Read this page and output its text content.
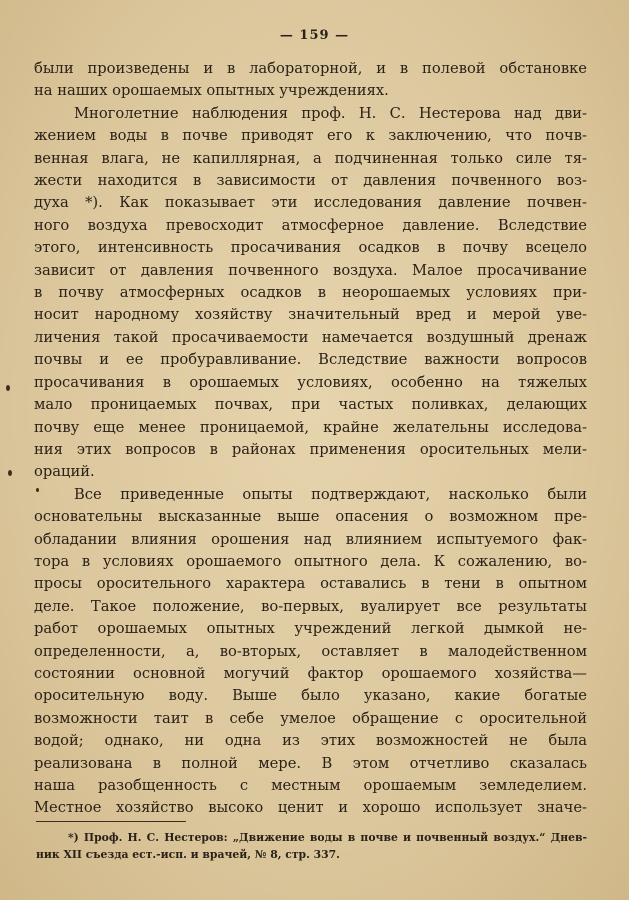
— 159 —

были произведены и в лабораторной, и в полевой обстановке
на наших орошаемых опытных учреждениях.

Многолетние наблюдения проф. Н. С. Нестерова над дви-
жением воды в почве приводят его к заключению, что почв-
венная влага, не капиллярная, а подчиненная только силе тя-
жести находится в зависимости от давления почвенного воз-
духа *). Как показывает эти исследования давление почвен-
ного воздуха превосходит атмосферное давление. Вследствие
этого, интенсивность просачивания осадков в почву всецело
зависит от давления почвенного воздуха. Малое просачивание
в почву атмосферных осадков в неорошаемых условиях при-
носит народному хозяйству значительный вред и мерой уве-
личения такой просачиваемости намечается воздушный дренаж
почвы и ее пробуравливание. Вследствие важности вопросов
просачивания в орошаемых условиях, особенно на тяжелых
мало проницаемых почвах, при частых поливках, делающих
почву еще менее проницаемой, крайне желательны исследова-
ния этих вопросов в районах применения оросительных мели-
ораций.

Все приведенные опыты подтверждают, насколько были
основательны высказанные выше опасения о возможном пре-
обладании влияния орошения над влиянием испытуемого фак-
тора в условиях орошаемого опытного дела. К сожалению, во-
просы оросительного характера оставались в тени в опытном
деле. Такое положение, во-первых, вуалирует все результаты
работ орошаемых опытных учреждений легкой дымкой не-
определенности, а, во-вторых, оставляет в малодейственном
состоянии основной могучий фактор орошаемого хозяйства—
оросительную воду. Выше было указано, какие богатые
возможности таит в себе умелое обращение с оросительной
водой; однако, ни одна из этих возможностей не была
реализована в полной мере. В этом отчетливо сказалась
наша разобщенность с местным орошаемым земледелием.
Местное хозяйство высоко ценит и хорошо использует значе-

*) Проф. Н. С. Нестеров: „Движение воды в почве и почвенный воздух.“ Днев-
ник XII съезда ест.-исп. и врачей, № 8, стр. 337.
